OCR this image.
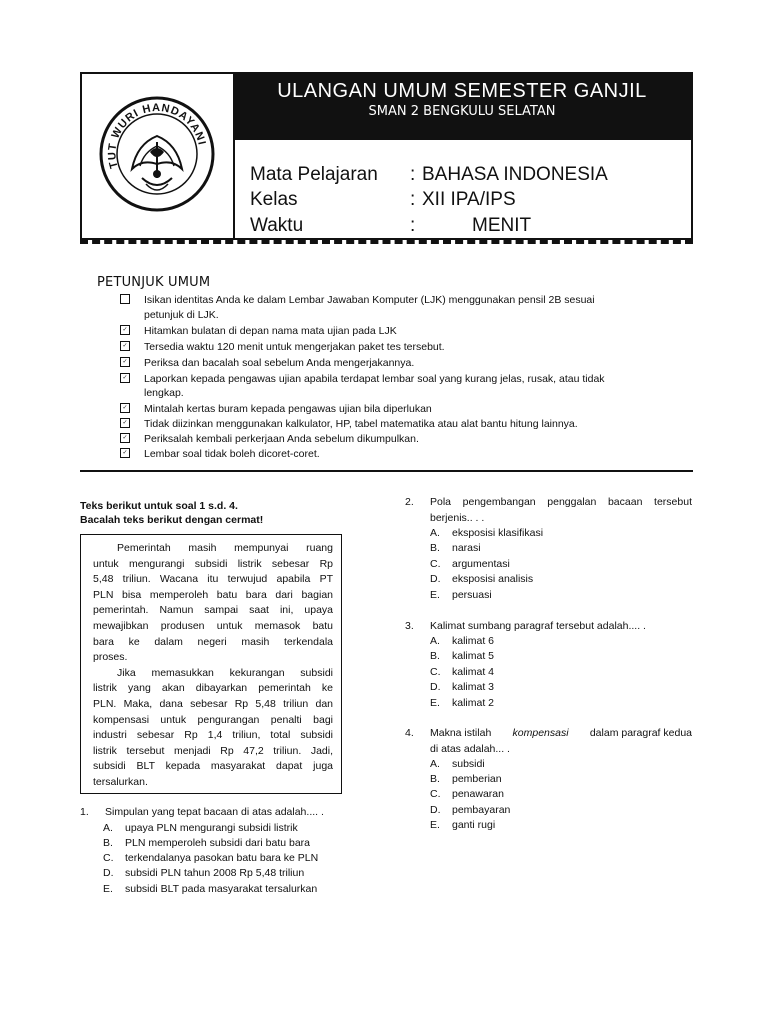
TUT WURI HANDAYANI
ULANGAN UMUM SEMESTER GANJIL
SMAN 2 BENGKULU SELATAN
Mata Pelajaran : BAHASA INDONESIA
Kelas	: XII IPA/IPS
Waktu	:	MENIT
PETUNJUK UMUM
Isikan identitas Anda ke dalam Lembar Jawaban Komputer (LJK) menggunakan pensil 2B sesuai
petunjuk di LJK.
✓ Hitamkan bulatan di depan nama mata ujian pada LJK
✓ Tersedia waktu 120 menit untuk mengerjakan paket tes tersebut.
✓ Periksa dan bacalah soal sebelum Anda mengerjakannya.
✓ Laporkan kepada pengawas ujian apabila terdapat lembar soal yang kurang jelas, rusak, atau tidak
lengkap.
✓ Mintalah kertas buram kepada pengawas ujian bila diperlukan
✓ Tidak diizinkan menggunakan kalkulator, HP, tabel matematika atau alat bantu hitung lainnya.
✓ Periksalah kembali perkerjaan Anda sebelum dikumpulkan.
✓ Lembar soal tidak boleh dicoret-coret.
Teks berikut untuk soal 1 s.d. 4.
Bacalah teks berikut dengan cermat!
Pemerintah masih mempunyai ruang
untuk mengurangi subsidi listrik sebesar Rp
5,48 triliun. Wacana itu terwujud apabila PT
PLN bisa memperoleh batu bara dari bagian
pemerintah. Namun sampai saat ini, upaya
mewajibkan produsen untuk memasok batu
bara ke dalam negeri masih terkendala
proses.
Jika memasukkan kekurangan subsidi
listrik yang akan dibayarkan pemerintah ke
PLN. Maka, dana sebesar Rp 5,48 triliun dan
kompensasi untuk pengurangan penalti bagi
industri sebesar Rp 1,4 triliun, total subsidi
listrik tersebut menjadi Rp 47,2 triliun. Jadi,
subsidi BLT kepada masyarakat dapat juga
tersalurkan.
1. Simpulan yang tepat bacaan di atas adalah.... .
A. upaya PLN mengurangi subsidi listrik
B. PLN memperoleh subsidi dari batu bara
C. terkendalanya pasokan batu bara ke PLN
D. subsidi PLN tahun 2008 Rp 5,48 triliun
E. subsidi BLT pada masyarakat tersalurkan
2. Pola pengembangan penggalan bacaan tersebut
berjenis.. . .
A. eksposisi klasifikasi
B. narasi
C. argumentasi
D. eksposisi analisis
E. persuasi
3. Kalimat sumbang paragraf tersebut adalah.... .
A. kalimat 6
B. kalimat 5
C. kalimat 4
D. kalimat 3
E. kalimat 2
4. Makna istilah kompensasi dalam paragraf kedua
di atas adalah... .
A. subsidi
B. pemberian
C. penawaran
D. pembayaran
E. ganti rugi
